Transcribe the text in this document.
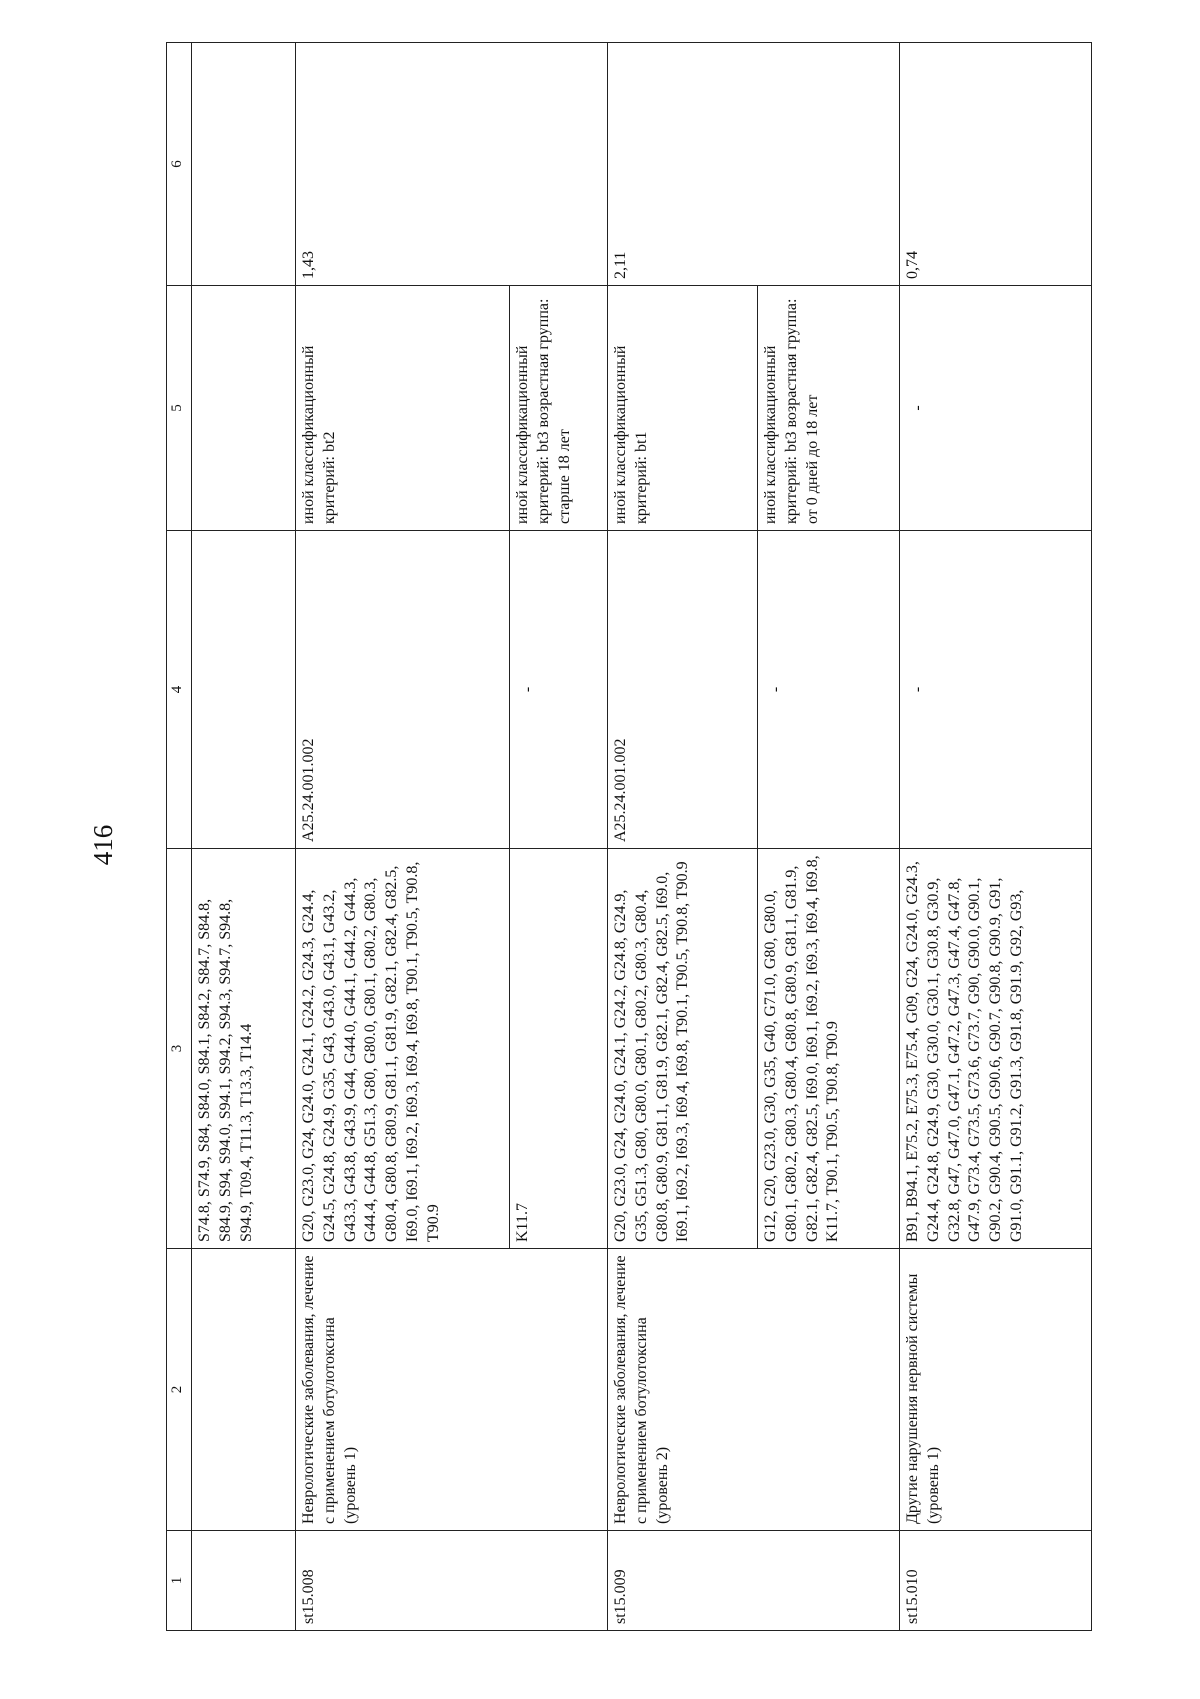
416
1	2	3	4	5	6
		S74.8, S74.9, S84, S84.0, S84.1, S84.2, S84.7, S84.8, S84.9, S94, S94.0, S94.1, S94.2, S94.3, S94.7, S94.8, S94.9, T09.4, T11.3, T13.3, T14.4			
st15.008	Неврологические заболевания, лечение с применением ботулотоксина (уровень 1)	G20, G23.0, G24, G24.0, G24.1, G24.2, G24.3, G24.4, G24.5, G24.8, G24.9, G35, G43, G43.0, G43.1, G43.2, G43.3, G43.8, G43.9, G44, G44.0, G44.1, G44.2, G44.3, G44.4, G44.8, G51.3, G80, G80.0, G80.1, G80.2, G80.3, G80.4, G80.8, G80.9, G81.1, G81.9, G82.1, G82.4, G82.5, I69.0, I69.1, I69.2, I69.3, I69.4, I69.8, T90.1, T90.5, T90.8, T90.9	A25.24.001.002	иной классификационный критерий: bt2	1,43
		K11.7	-	иной классификационный критерий: bt3 возрастная группа: старше 18 лет	
st15.009	Неврологические заболевания, лечение с применением ботулотоксина (уровень 2)	G20, G23.0, G24, G24.0, G24.1, G24.2, G24.8, G24.9, G35, G51.3, G80, G80.0, G80.1, G80.2, G80.3, G80.4, G80.8, G80.9, G81.1, G81.9, G82.1, G82.4, G82.5, I69.0, I69.1, I69.2, I69.3, I69.4, I69.8, T90.1, T90.5, T90.8, T90.9	A25.24.001.002	иной классификационный критерий: bt1	2,11
		G12, G20, G23.0, G30, G35, G40, G71.0, G80, G80.0, G80.1, G80.2, G80.3, G80.4, G80.8, G80.9, G81.1, G81.9, G82.1, G82.4, G82.5, I69.0, I69.1, I69.2, I69.3, I69.4, I69.8, K11.7, T90.1, T90.5, T90.8, T90.9	-	иной классификационный критерий: bt3 возрастная группа: от 0 дней до 18 лет	
st15.010	Другие нарушения нервной системы (уровень 1)	B91, B94.1, E75.2, E75.3, E75.4, G09, G24, G24.0, G24.3, G24.4, G24.8, G24.9, G30, G30.0, G30.1, G30.8, G30.9, G32.8, G47, G47.0, G47.1, G47.2, G47.3, G47.4, G47.8, G47.9, G73.4, G73.5, G73.6, G73.7, G90, G90.0, G90.1, G90.2, G90.4, G90.5, G90.6, G90.7, G90.8, G90.9, G91, G91.0, G91.1, G91.2, G91.3, G91.8, G91.9, G92, G93,	-	-	0,74
